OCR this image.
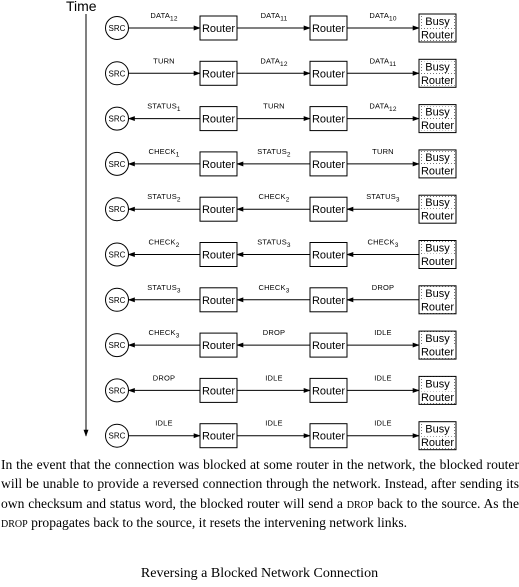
Time
SRC	Router	Router
Busy
Router
DATA12	DATA11	DATA10
SRC	Router	Router
Busy
Router
TURN	DATA12	DATA11
SRC	Router	Router
Busy
Router
STATUS1	TURN	DATA12
SRC	Router	Router
Busy
Router
CHECK1	STATUS2	TURN
SRC	Router	Router
Busy
Router
STATUS2	CHECK2	STATUS3
SRC	Router	Router
Busy
Router
CHECK2	STATUS3	CHECK3
SRC	Router	Router
Busy
Router
STATUS3	CHECK3	DROP
SRC	Router	Router
Busy
Router
CHECK3	DROP	IDLE
SRC	Router	Router
Busy
Router
DROP	IDLE	IDLE
SRC	Router	Router
Busy
Router
IDLE	IDLE	IDLE

In the event that the connection was blocked at some router in the network, the blocked router will be unable to provide a reversed connection through the network. Instead, after sending its own checksum and status word, the blocked router will send a drop back to the source. As the drop propagates back to the source, it resets the intervening network links.

Reversing a Blocked Network Connection
